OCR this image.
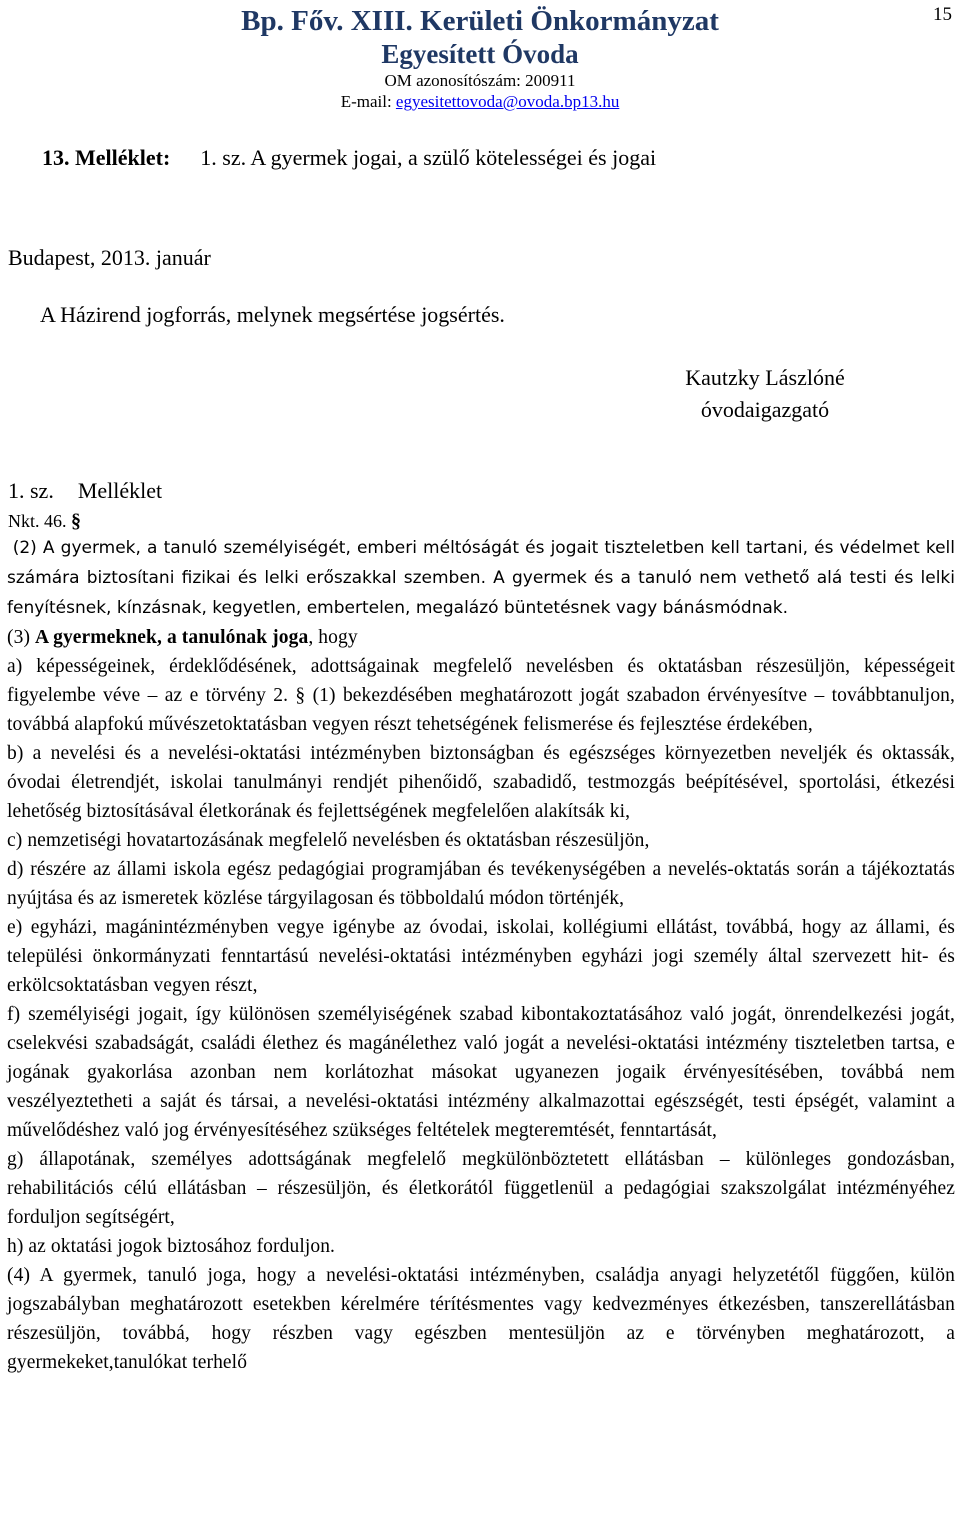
15
Bp. Főv. XIII. Kerületi Önkormányzat
Egyesített Óvoda
OM azonosítószám: 200911
E-mail: egyesitettovoda@ovoda.bp13.hu
13. Melléklet: 1. sz. A gyermek jogai, a szülő kötelességei és jogai
Budapest, 2013. január
A Házirend jogforrás, melynek megsértése jogsértés.
Kautzky Lászlóné
óvodaigazgató
1. sz. Melléklet
Nkt. 46. §

(2) A gyermek, a tanuló személyiségét, emberi méltóságát és jogait tiszteletben kell tartani, és védelmet kell számára biztosítani fizikai és lelki erőszakkal szemben. A gyermek és a tanuló nem vethető alá testi és lelki fenyítésnek, kínzásnak, kegyetlen, embertelen, megalázó büntetésnek vagy bánásmódnak.

(3) A gyermeknek, a tanulónak joga, hogy

a) képességeinek, érdeklődésének, adottságainak megfelelő nevelésben és oktatásban részesüljön, képességeit figyelembe véve – az e törvény 2. § (1) bekezdésében meghatározott jogát szabadon érvényesítve – továbbtanuljon, továbbá alapfokú művészetoktatásban vegyen részt tehetségének felismerése és fejlesztése érdekében,

b) a nevelési és a nevelési-oktatási intézményben biztonságban és egészséges környezetben neveljék és oktassák, óvodai életrendjét, iskolai tanulmányi rendjét pihenőidő, szabadidő, testmozgás beépítésével, sportolási, étkezési lehetőség biztosításával életkorának és fejlettségének megfelelően alakítsák ki,

c) nemzetiségi hovatartozásának megfelelő nevelésben és oktatásban részesüljön,

d) részére az állami iskola egész pedagógiai programjában és tevékenységében a nevelés-oktatás során a tájékoztatás nyújtása és az ismeretek közlése tárgyilagosan és többoldalú módon történjék,

e) egyházi, magánintézményben vegye igénybe az óvodai, iskolai, kollégiumi ellátást, továbbá, hogy az állami, és települési önkormányzati fenntartású nevelési-oktatási intézményben egyházi jogi személy által szervezett hit- és erkölcsoktatásban vegyen részt,

f) személyiségi jogait, így különösen személyiségének szabad kibontakoztatásához való jogát, önrendelkezési jogát, cselekvési szabadságát, családi élethez és magánélethez való jogát a nevelési-oktatási intézmény tiszteletben tartsa, e jogának gyakorlása azonban nem korlátozhat másokat ugyanezen jogaik érvényesítésében, továbbá nem veszélyeztetheti a saját és társai, a nevelési-oktatási intézmény alkalmazottai egészségét, testi épségét, valamint a művelődéshez való jog érvényesítéséhez szükséges feltételek megteremtését, fenntartását,

g) állapotának, személyes adottságának megfelelő megkülönböztetett ellátásban – különleges gondozásban, rehabilitációs célú ellátásban – részesüljön, és életkorától függetlenül a pedagógiai szakszolgálat intézményéhez forduljon segítségért,

h) az oktatási jogok biztosához forduljon.

(4) A gyermek, tanuló joga, hogy a nevelési-oktatási intézményben, családja anyagi helyzetétől függően, külön jogszabályban meghatározott esetekben kérelmére térítésmentes vagy kedvezményes étkezésben, tanszerellátásban részesüljön, továbbá, hogy részben vagy egészben mentesüljön az e törvényben meghatározott, a gyermekeket,tanulókat terhelő
